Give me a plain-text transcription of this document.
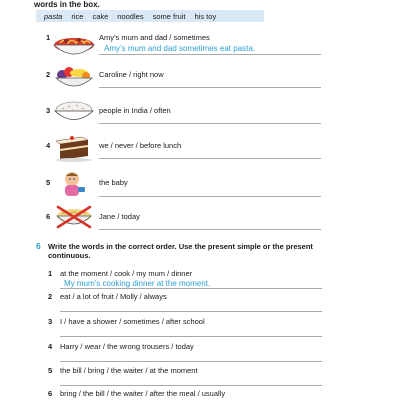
words in the box.
pasta rice cake noodles some fruit his toy
1	Amy’s mum and dad / sometimes
Amy’s mum and dad sometimes eat pasta.
2	Caroline / right now
3	people in India / often
4	we / never / before lunch
5	the baby
6	Jane / today
6 Write the words in the correct order. Use the present simple or the present continuous.
1 at the moment / cook / my mum / dinner
My mum’s cooking dinner at the moment.
2 eat / a lot of fruit / Molly / always
3 I / have a shower / sometimes / after school
4 Harry / wear / the wrong trousers / today
5 the bill / bring / the waiter / at the moment
6 bring / the bill / the waiter / after the meal / usually
